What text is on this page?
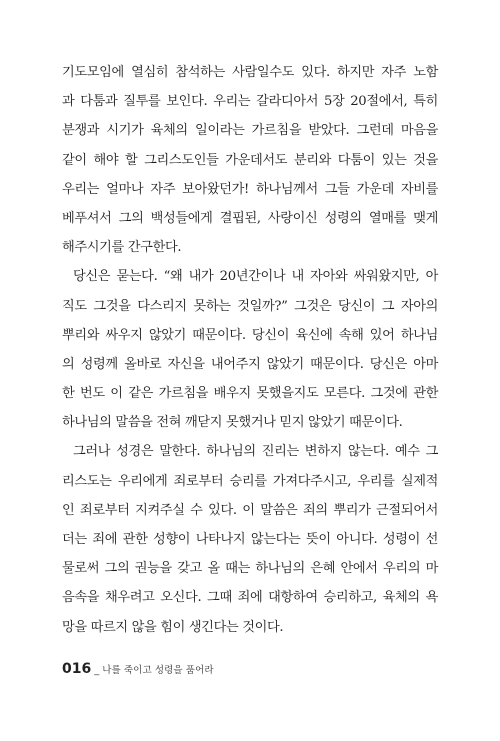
기도모임에 열심히 참석하는 사람일수도 있다. 하지만 자주 노함
과 다툼과 질투를 보인다. 우리는 갈라디아서 5장 20절에서, 특히
분쟁과 시기가 육체의 일이라는 가르침을 받았다. 그런데 마음을
같이 해야 할 그리스도인들 가운데서도 분리와 다툼이 있는 것을
우리는 얼마나 자주 보아왔던가! 하나님께서 그들 가운데 자비를
베푸셔서 그의 백성들에게 결핍된, 사랑이신 성령의 열매를 맺게
해주시기를 간구한다.
당신은 묻는다. “왜 내가 20년간이나 내 자아와 싸워왔지만, 아
직도 그것을 다스리지 못하는 것일까?” 그것은 당신이 그 자아의
뿌리와 싸우지 않았기 때문이다. 당신이 육신에 속해 있어 하나님
의 성령께 올바로 자신을 내어주지 않았기 때문이다. 당신은 아마
한 번도 이 같은 가르침을 배우지 못했을지도 모른다. 그것에 관한
하나님의 말씀을 전혀 깨닫지 못했거나 믿지 않았기 때문이다.
그러나 성경은 말한다. 하나님의 진리는 변하지 않는다. 예수 그
리스도는 우리에게 죄로부터 승리를 가져다주시고, 우리를 실제적
인 죄로부터 지켜주실 수 있다. 이 말씀은 죄의 뿌리가 근절되어서
더는 죄에 관한 성향이 나타나지 않는다는 뜻이 아니다. 성령이 선
물로써 그의 권능을 갖고 올 때는 하나님의 은혜 안에서 우리의 마
음속을 채우려고 오신다. 그때 죄에 대항하여 승리하고, 육체의 욕
망을 따르지 않을 힘이 생긴다는 것이다.
016 _ 나를 죽이고 성령을 품어라
